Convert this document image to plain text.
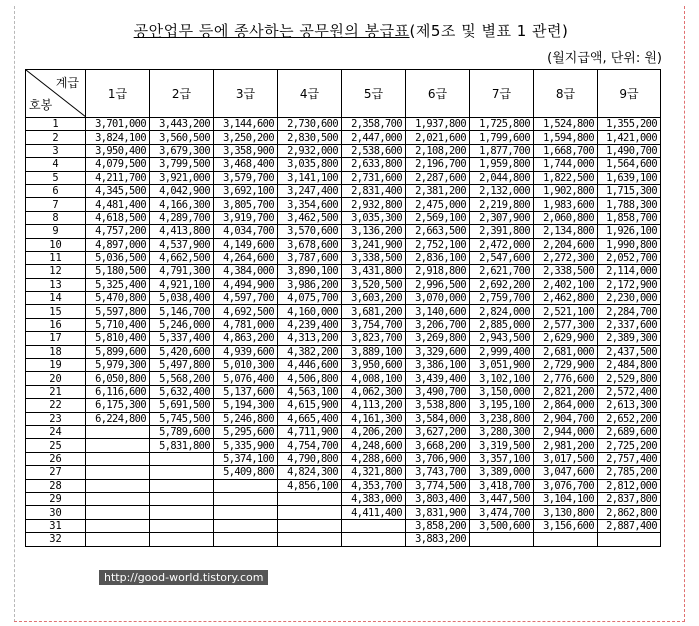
공안업무 등에 종사하는 공무원의 봉급표(제5조 및 별표 1 관련)
(월지급액, 단위: 원)
계급
호봉	1급	2급	3급	4급	5급	6급	7급	8급	9급
1	3,701,000	3,443,200	3,144,600	2,730,600	2,358,700	1,937,800	1,725,800	1,524,800	1,355,200
2	3,824,100	3,560,500	3,250,200	2,830,500	2,447,000	2,021,600	1,799,600	1,594,800	1,421,000
3	3,950,400	3,679,300	3,358,900	2,932,000	2,538,600	2,108,200	1,877,700	1,668,700	1,490,700
4	4,079,500	3,799,500	3,468,400	3,035,800	2,633,800	2,196,700	1,959,800	1,744,000	1,564,600
5	4,211,700	3,921,000	3,579,700	3,141,100	2,731,600	2,287,600	2,044,800	1,822,500	1,639,100
6	4,345,500	4,042,900	3,692,100	3,247,400	2,831,400	2,381,200	2,132,000	1,902,800	1,715,300
7	4,481,400	4,166,300	3,805,700	3,354,600	2,932,800	2,475,000	2,219,800	1,983,600	1,788,300
8	4,618,500	4,289,700	3,919,700	3,462,500	3,035,300	2,569,100	2,307,900	2,060,800	1,858,700
9	4,757,200	4,413,800	4,034,700	3,570,600	3,136,200	2,663,500	2,391,800	2,134,800	1,926,100
10	4,897,000	4,537,900	4,149,600	3,678,600	3,241,900	2,752,100	2,472,000	2,204,600	1,990,800
11	5,036,500	4,662,500	4,264,600	3,787,600	3,338,500	2,836,100	2,547,600	2,272,300	2,052,700
12	5,180,500	4,791,300	4,384,000	3,890,100	3,431,800	2,918,800	2,621,700	2,338,500	2,114,000
13	5,325,400	4,921,100	4,494,900	3,986,200	3,520,500	2,996,500	2,692,200	2,402,100	2,172,900
14	5,470,800	5,038,400	4,597,700	4,075,700	3,603,200	3,070,000	2,759,700	2,462,800	2,230,000
15	5,597,800	5,146,700	4,692,500	4,160,000	3,681,200	3,140,600	2,824,000	2,521,100	2,284,700
16	5,710,400	5,246,000	4,781,000	4,239,400	3,754,700	3,206,700	2,885,000	2,577,300	2,337,600
17	5,810,400	5,337,400	4,863,200	4,313,200	3,823,700	3,269,800	2,943,500	2,629,900	2,389,300
18	5,899,600	5,420,600	4,939,600	4,382,200	3,889,100	3,329,600	2,999,400	2,681,000	2,437,500
19	5,979,300	5,497,800	5,010,300	4,446,600	3,950,600	3,386,100	3,051,900	2,729,900	2,484,800
20	6,050,800	5,568,200	5,076,400	4,506,800	4,008,100	3,439,400	3,102,100	2,776,600	2,529,800
21	6,116,600	5,632,400	5,137,600	4,563,100	4,062,300	3,490,700	3,150,000	2,821,200	2,572,400
22	6,175,300	5,691,500	5,194,300	4,615,900	4,113,200	3,538,800	3,195,100	2,864,000	2,613,300
23	6,224,800	5,745,500	5,246,800	4,665,400	4,161,300	3,584,000	3,238,800	2,904,700	2,652,200
24		5,789,600	5,295,600	4,711,900	4,206,200	3,627,200	3,280,300	2,944,000	2,689,600
25		5,831,800	5,335,900	4,754,700	4,248,600	3,668,200	3,319,500	2,981,200	2,725,200
26			5,374,100	4,790,800	4,288,600	3,706,900	3,357,100	3,017,500	2,757,400
27			5,409,800	4,824,300	4,321,800	3,743,700	3,389,000	3,047,600	2,785,200
28				4,856,100	4,353,700	3,774,500	3,418,700	3,076,700	2,812,000
29					4,383,000	3,803,400	3,447,500	3,104,100	2,837,800
30					4,411,400	3,831,900	3,474,700	3,130,800	2,862,800
31						3,858,200	3,500,600	3,156,600	2,887,400
32						3,883,200			
http://good-world.tistory.com
